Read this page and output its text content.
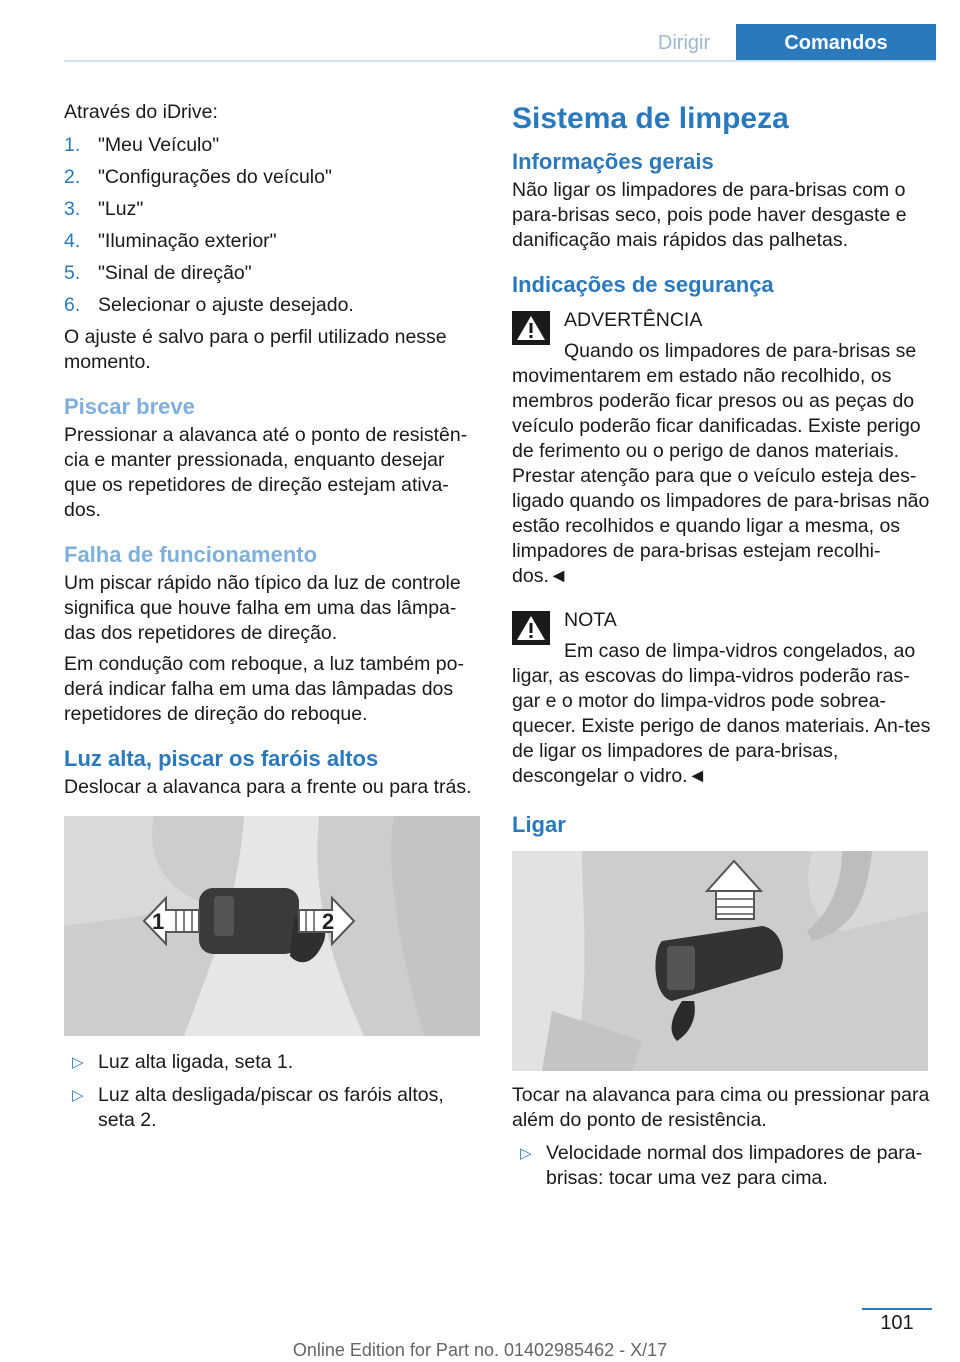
Dirigir	Comandos

Através do iDrive:

1. "Meu Veículo"
2. "Configurações do veículo"
3. "Luz"
4. "Iluminação exterior"
5. "Sinal de direção"
6. Selecionar o ajuste desejado.

O ajuste é salvo para o perfil utilizado nesse momento.

Piscar breve

Pressionar a alavanca até o ponto de resistên-cia e manter pressionada, enquanto desejar que os repetidores de direção estejam ativa-dos.

Falha de funcionamento

Um piscar rápido não típico da luz de controle significa que houve falha em uma das lâmpa-das dos repetidores de direção.

Em condução com reboque, a luz também po-derá indicar falha em uma das lâmpadas dos repetidores de direção do reboque.

Luz alta, piscar os faróis altos

Deslocar a alavanca para a frente ou para trás.

1	2
▷ Luz alta ligada, seta 1.
▷ Luz alta desligada/piscar os faróis altos, seta 2.
Sistema de limpeza
Informações gerais

Não ligar os limpadores de para-brisas com o para-brisas seco, pois pode haver desgaste e danificação mais rápidos das palhetas.

Indicações de segurança
ADVERTÊNCIA

Quando os limpadores de para-brisas se

movimentarem em estado não recolhido, os membros poderão ficar presos ou as peças do veículo poderão ficar danificadas. Existe perigo de ferimento ou o perigo de danos materiais. Prestar atenção para que o veículo esteja des-ligado quando os limpadores de para-brisas não estão recolhidos e quando ligar a mesma, os limpadores de para-brisas estejam recolhi-dos.◄

NOTA

Em caso de limpa-vidros congelados, ao

ligar, as escovas do limpa-vidros poderão ras-gar e o motor do limpa-vidros pode sobrea-quecer. Existe perigo de danos materiais. An-tes de ligar os limpadores de para-brisas, descongelar o vidro.◄

Ligar

Tocar na alavanca para cima ou pressionar para além do ponto de resistência.

▷ Velocidade normal dos limpadores de para-brisas: tocar uma vez para cima.
101
Online Edition for Part no. 01402985462 - X/17
